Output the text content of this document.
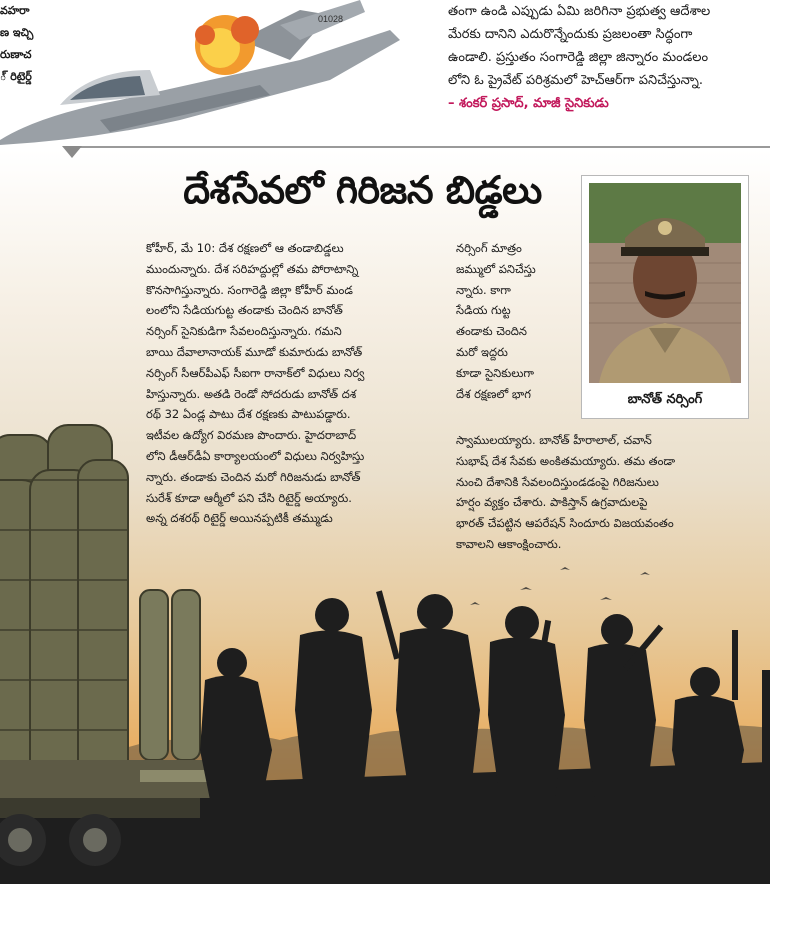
వహరా
ణ ఇచ్చి
రుణాచ
్ రిటైర్డ్
01028	తంగా ఉండి ఎప్పుడు ఏమి జరిగినా ప్రభుత్వ ఆదేశాల
మేరకు దానిని ఎదురొన్నేందుకు ప్రజలంతా సిద్ధంగా
ఉండాలి. ప్రస్తుతం సంగారెడ్డి జిల్లా జిన్నారం మండలం
లోని ఓ ప్రైవేట్ పరిశ్రమలో హెచ్ఆర్‌గా పనిచేస్తున్నా.
– శంకర్ ప్రసాద్, మాజీ సైనికుడు
దేశసేవలో గిరిజన బిడ్డలు
బానోత్ నర్సింగ్
కోహీర్, మే 10: దేశ రక్షణలో ఆ తండాబిడ్డలు
ముందున్నారు. దేశ సరిహద్దుల్లో తమ పోరాటాన్ని
కొనసాగిస్తున్నారు. సంగారెడ్డి జిల్లా కోహీర్ మండ
లంలోని సేడియగుట్ట తండాకు చెందిన బానోత్
నర్సింగ్ సైనికుడిగా సేవలందిస్తున్నారు. గమని
బాయి దేవాలానాయక్ మూడో కుమారుడు బానోత్
నర్సింగ్ సీఆర్‌పీఎఫ్ సీఐగా రానాక్‌లో విధులు నిర్వ
హిస్తున్నారు. అతడి రెండో సోదరుడు బానోత్ దశ
రథ్ 32 ఏండ్ల పాటు దేశ రక్షణకు పాటుపడ్డారు.
ఇటీవల ఉద్యోగ విరమణ పొందారు. హైదరాబాద్
లోని డీఆర్‌డీఏ కార్యాలయంలో విధులు నిర్వహిస్తు
న్నారు. తండాకు చెందిన మరో గిరిజనుడు బానోత్
సురేశ్ కూడా ఆర్మీలో పని చేసి రిటైర్డ్ అయ్యారు.
అన్న దశరథ్ రిటైర్డ్ అయినప్పటికీ తమ్ముడు
నర్సింగ్ మాత్రం
జమ్ములో పనిచేస్తు
న్నారు. కాగా
సేడియ గుట్ట
తండాకు చెందిన
మరో ఇద్దరు
కూడా సైనికులుగా
దేశ రక్షణలో భాగ
స్వాములయ్యారు. బానోత్ హీరాలాల్, చవాన్
సుభాష్ దేశ సేవకు అంకితమయ్యారు. తమ తండా
నుంచి దేశానికి సేవలందిస్తుండడంపై గిరిజనులు
హర్షం వ్యక్తం చేశారు. పాకిస్తాన్ ఉగ్రవాదులపై
భారత్ చేపట్టిన ఆపరేషన్ సిందూరు విజయవంతం
కావాలని ఆకాంక్షించారు.
